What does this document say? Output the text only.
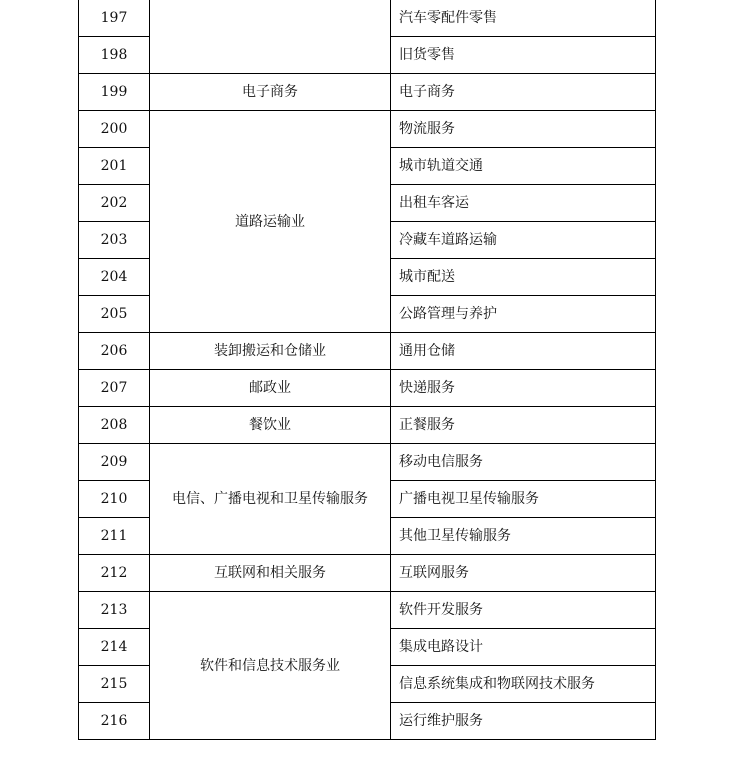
197		汽车零配件零售
198		旧货零售
199	电子商务	电子商务
200	道路运输业	物流服务
201		城市轨道交通
202		出租车客运
203		冷藏车道路运输
204		城市配送
205		公路管理与养护
206	装卸搬运和仓储业	通用仓储
207	邮政业	快递服务
208	餐饮业	正餐服务
209	电信、广播电视和卫星传输服务	移动电信服务
210		广播电视卫星传输服务
211		其他卫星传输服务
212	互联网和相关服务	互联网服务
213	软件和信息技术服务业	软件开发服务
214		集成电路设计
215		信息系统集成和物联网技术服务
216		运行维护服务
